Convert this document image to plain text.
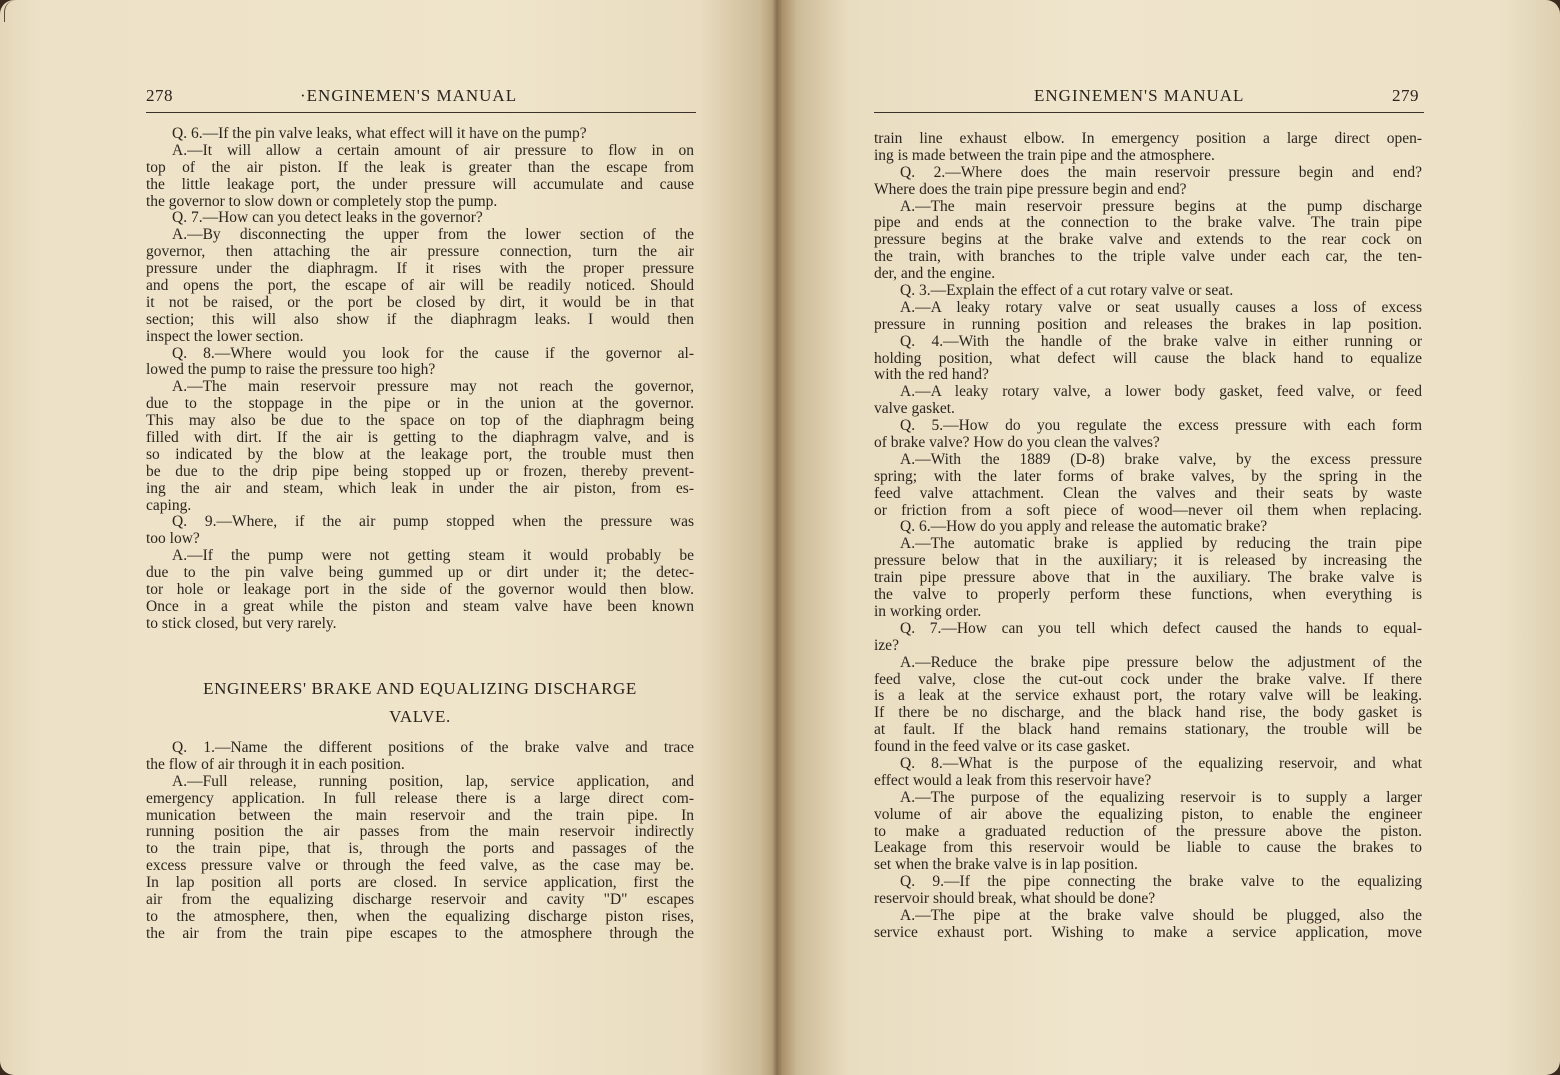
278	·ENGINEMEN'S MANUAL
Q. 6.—If the pin valve leaks, what effect will it have on the pump?
A.—It will allow a certain amount of air pressure to flow in on
top of the air piston. If the leak is greater than the escape from
the little leakage port, the under pressure will accumulate and cause
the governor to slow down or completely stop the pump.
Q. 7.—How can you detect leaks in the governor?
A.—By disconnecting the upper from the lower section of the
governor, then attaching the air pressure connection, turn the air
pressure under the diaphragm. If it rises with the proper pressure
and opens the port, the escape of air will be readily noticed. Should
it not be raised, or the port be closed by dirt, it would be in that
section; this will also show if the diaphragm leaks. I would then
inspect the lower section.
Q. 8.—Where would you look for the cause if the governor al-
lowed the pump to raise the pressure too high?
A.—The main reservoir pressure may not reach the governor,
due to the stoppage in the pipe or in the union at the governor.
This may also be due to the space on top of the diaphragm being
filled with dirt. If the air is getting to the diaphragm valve, and is
so indicated by the blow at the leakage port, the trouble must then
be due to the drip pipe being stopped up or frozen, thereby prevent-
ing the air and steam, which leak in under the air piston, from es-
caping.
Q. 9.—Where, if the air pump stopped when the pressure was
too low?
A.—If the pump were not getting steam it would probably be
due to the pin valve being gummed up or dirt under it; the detec-
tor hole or leakage port in the side of the governor would then blow.
Once in a great while the piston and steam valve have been known
to stick closed, but very rarely.
ENGINEERS' BRAKE AND EQUALIZING DISCHARGE
VALVE.
Q. 1.—Name the different positions of the brake valve and trace
the flow of air through it in each position.
A.—Full release, running position, lap, service application, and
emergency application. In full release there is a large direct com-
munication between the main reservoir and the train pipe. In
running position the air passes from the main reservoir indirectly
to the train pipe, that is, through the ports and passages of the
excess pressure valve or through the feed valve, as the case may be.
In lap position all ports are closed. In service application, first the
air from the equalizing discharge reservoir and cavity "D" escapes
to the atmosphere, then, when the equalizing discharge piston rises,
the air from the train pipe escapes to the atmosphere through the
ENGINEMEN'S MANUAL	279
train line exhaust elbow. In emergency position a large direct open-
ing is made between the train pipe and the atmosphere.
Q. 2.—Where does the main reservoir pressure begin and end?
Where does the train pipe pressure begin and end?
A.—The main reservoir pressure begins at the pump discharge
pipe and ends at the connection to the brake valve. The train pipe
pressure begins at the brake valve and extends to the rear cock on
the train, with branches to the triple valve under each car, the ten-
der, and the engine.
Q. 3.—Explain the effect of a cut rotary valve or seat.
A.—A leaky rotary valve or seat usually causes a loss of excess
pressure in running position and releases the brakes in lap position.
Q. 4.—With the handle of the brake valve in either running or
holding position, what defect will cause the black hand to equalize
with the red hand?
A.—A leaky rotary valve, a lower body gasket, feed valve, or feed
valve gasket.
Q. 5.—How do you regulate the excess pressure with each form
of brake valve? How do you clean the valves?
A.—With the 1889 (D-8) brake valve, by the excess pressure
spring; with the later forms of brake valves, by the spring in the
feed valve attachment. Clean the valves and their seats by waste
or friction from a soft piece of wood—never oil them when replacing.
Q. 6.—How do you apply and release the automatic brake?
A.—The automatic brake is applied by reducing the train pipe
pressure below that in the auxiliary; it is released by increasing the
train pipe pressure above that in the auxiliary. The brake valve is
the valve to properly perform these functions, when everything is
in working order.
Q. 7.—How can you tell which defect caused the hands to equal-
ize?
A.—Reduce the brake pipe pressure below the adjustment of the
feed valve, close the cut-out cock under the brake valve. If there
is a leak at the service exhaust port, the rotary valve will be leaking.
If there be no discharge, and the black hand rise, the body gasket is
at fault. If the black hand remains stationary, the trouble will be
found in the feed valve or its case gasket.
Q. 8.—What is the purpose of the equalizing reservoir, and what
effect would a leak from this reservoir have?
A.—The purpose of the equalizing reservoir is to supply a larger
volume of air above the equalizing piston, to enable the engineer
to make a graduated reduction of the pressure above the piston.
Leakage from this reservoir would be liable to cause the brakes to
set when the brake valve is in lap position.
Q. 9.—If the pipe connecting the brake valve to the equalizing
reservoir should break, what should be done?
A.—The pipe at the brake valve should be plugged, also the
service exhaust port. Wishing to make a service application, move
